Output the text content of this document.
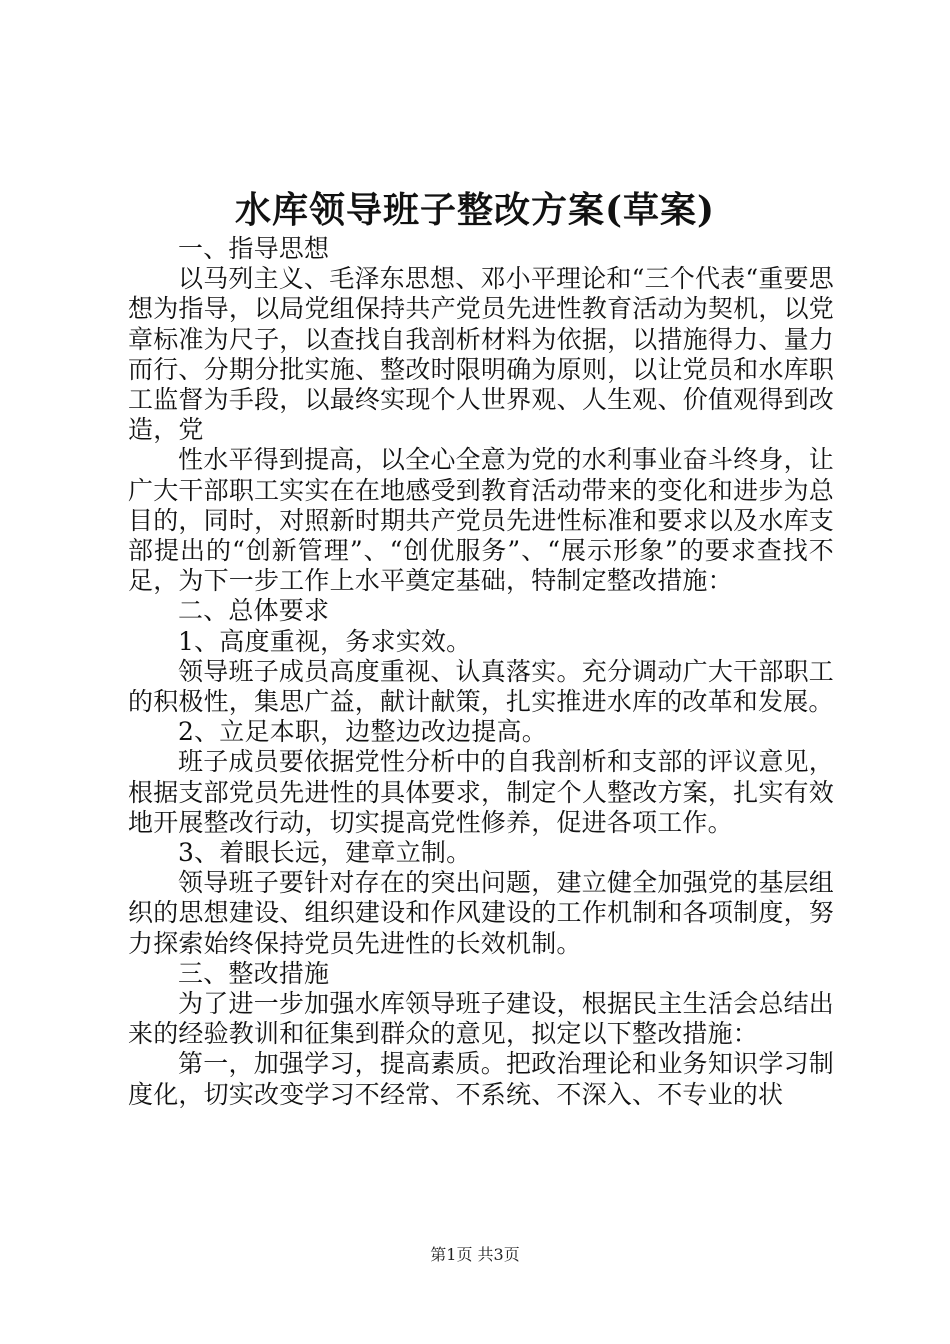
水库领导班子整改方案(草案)

一、指导思想

以马列主义、毛泽东思想、邓小平理论和“三个代表“重要思想为指导，以局党组保持共产党员先进性教育活动为契机，以党章标准为尺子，以查找自我剖析材料为依据，以措施得力、量力而行、分期分批实施、整改时限明确为原则，以让党员和水库职工监督为手段，以最终实现个人世界观、人生观、价值观得到改造，党

性水平得到提高，以全心全意为党的水利事业奋斗终身，让广大干部职工实实在在地感受到教育活动带来的变化和进步为总目的，同时，对照新时期共产党员先进性标准和要求以及水库支部提出的“创新管理”、“创优服务”、“展示形象”的要求查找不足，为下一步工作上水平奠定基础，特制定整改措施：

二、总体要求

1、高度重视，务求实效。

领导班子成员高度重视、认真落实。充分调动广大干部职工的积极性，集思广益，献计献策，扎实推进水库的改革和发展。

2、立足本职，边整边改边提高。

班子成员要依据党性分析中的自我剖析和支部的评议意见，根据支部党员先进性的具体要求，制定个人整改方案，扎实有效地开展整改行动，切实提高党性修养，促进各项工作。

3、着眼长远，建章立制。

领导班子要针对存在的突出问题，建立健全加强党的基层组织的思想建设、组织建设和作风建设的工作机制和各项制度，努力探索始终保持党员先进性的长效机制。

三、整改措施

为了进一步加强水库领导班子建设，根据民主生活会总结出来的经验教训和征集到群众的意见，拟定以下整改措施：

第一，加强学习，提高素质。把政治理论和业务知识学习制度化，切实改变学习不经常、不系统、不深入、不专业的状

第1页 共3页
